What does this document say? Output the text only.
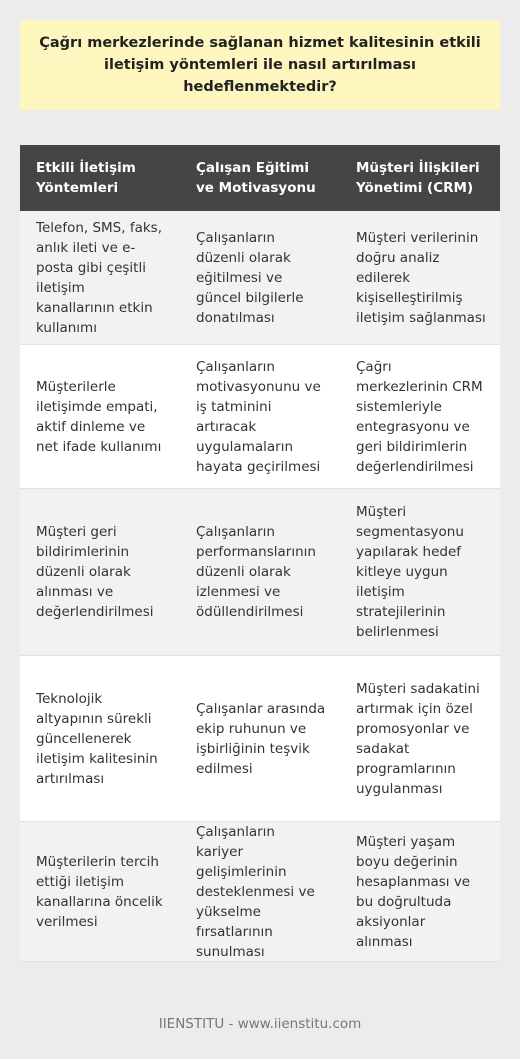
Çağrı merkezlerinde sağlanan hizmet kalitesinin etkili iletişim yöntemleri ile nasıl artırılması hedeflenmektedir?
Etkili İletişim Yöntemleri
Çalışan Eğitimi ve Motivasyonu
Müşteri İlişkileri Yönetimi (CRM)
Telefon, SMS, faks, anlık ileti ve e-posta gibi çeşitli iletişim kanallarının etkin kullanımı
Çalışanların düzenli olarak eğitilmesi ve güncel bilgilerle donatılması
Müşteri verilerinin doğru analiz edilerek kişiselleştirilmiş iletişim sağlanması
Müşterilerle iletişimde empati, aktif dinleme ve net ifade kullanımı
Çalışanların motivasyonunu ve iş tatminini artıracak uygulamaların hayata geçirilmesi
Çağrı merkezlerinin CRM sistemleriyle entegrasyonu ve geri bildirimlerin değerlendirilmesi
Müşteri geri bildirimlerinin düzenli olarak alınması ve değerlendirilmesi
Çalışanların performanslarının düzenli olarak izlenmesi ve ödüllendirilmesi
Müşteri segmentasyonu yapılarak hedef kitleye uygun iletişim stratejilerinin belirlenmesi
Teknolojik altyapının sürekli güncellenerek iletişim kalitesinin artırılması
Çalışanlar arasında ekip ruhunun ve işbirliğinin teşvik edilmesi
Müşteri sadakatini artırmak için özel promosyonlar ve sadakat programlarının uygulanması
Müşterilerin tercih ettiği iletişim kanallarına öncelik verilmesi
Çalışanların kariyer gelişimlerinin desteklenmesi ve yükselme fırsatlarının sunulması
Müşteri yaşam boyu değerinin hesaplanması ve bu doğrultuda aksiyonlar alınması
IIENSTITU - www.iienstitu.com
